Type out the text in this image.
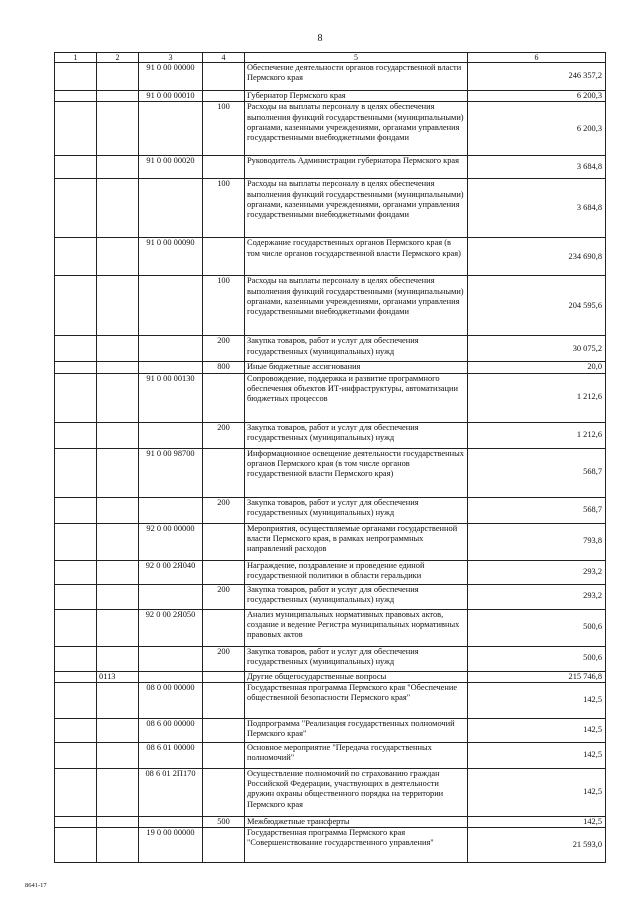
8
1	2	3	4	5	6
		91 0 00 00000		Обеспечение деятельности органов государственной власти Пермского края	246 357,2
		91 0 00 00010		Губернатор Пермского края	6 200,3
			100	Расходы на выплаты персоналу в целях обеспечения выполнения функций государственными (муниципальными) органами, казенными учреждениями, органами управления государственными внебюджетными фондами	6 200,3
		91 0 00 00020		Руководитель Администрации губернатора Пермского края	3 684,8
			100	Расходы на выплаты персоналу в целях обеспечения выполнения функций государственными (муниципальными) органами, казенными учреждениями, органами управления государственными внебюджетными фондами	3 684,8
		91 0 00 00090		Содержание государственных органов Пермского края (в том числе органов государственной власти Пермского края)	234 690,8
			100	Расходы на выплаты персоналу в целях обеспечения выполнения функций государственными (муниципальными) органами, казенными учреждениями, органами управления государственными внебюджетными фондами	204 595,6
			200	Закупка товаров, работ и услуг для обеспечения государственных (муниципальных) нужд	30 075,2
			800	Иные бюджетные ассигнования	20,0
		91 0 00 00130		Сопровождение, поддержка и развитие программного обеспечения объектов ИТ-инфраструктуры, автоматизации бюджетных процессов	1 212,6
			200	Закупка товаров, работ и услуг для обеспечения государственных (муниципальных) нужд	1 212,6
		91 0 00 98700		Информационное освещение деятельности государственных органов Пермского края (в том числе органов государственной власти Пермского края)	568,7
			200	Закупка товаров, работ и услуг для обеспечения государственных (муниципальных) нужд	568,7
		92 0 00 00000		Мероприятия, осуществляемые органами государственной власти Пермского края, в рамках непрограммных направлений расходов	793,8
		92 0 00 2Я040		Награждение, поздравление и проведение единой государственной политики в области геральдики	293,2
			200	Закупка товаров, работ и услуг для обеспечения государственных (муниципальных) нужд	293,2
		92 0 00 2Я050		Анализ муниципальных нормативных правовых актов, создание и ведение Регистра муниципальных нормативных правовых актов	500,6
			200	Закупка товаров, работ и услуг для обеспечения государственных (муниципальных) нужд	500,6
	0113			Другие общегосударственные вопросы	215 746,8
		08 0 00 00000		Государственная программа Пермского края "Обеспечение общественной безопасности Пермского края"	142,5
		08 6 00 00000		Подпрограмма "Реализация государственных полномочий Пермского края"	142,5
		08 6 01 00000		Основное мероприятие "Передача государственных полномочий"	142,5
		08 6 01 2П170		Осуществление полномочий по страхованию граждан Российской Федерации, участвующих в деятельности дружин охраны общественного порядка на территории Пермского края	142,5
			500	Межбюджетные трансферты	142,5
		19 0 00 00000		Государственная программа Пермского края "Совершенствование государственного управления"	21 593,0
8641-17
